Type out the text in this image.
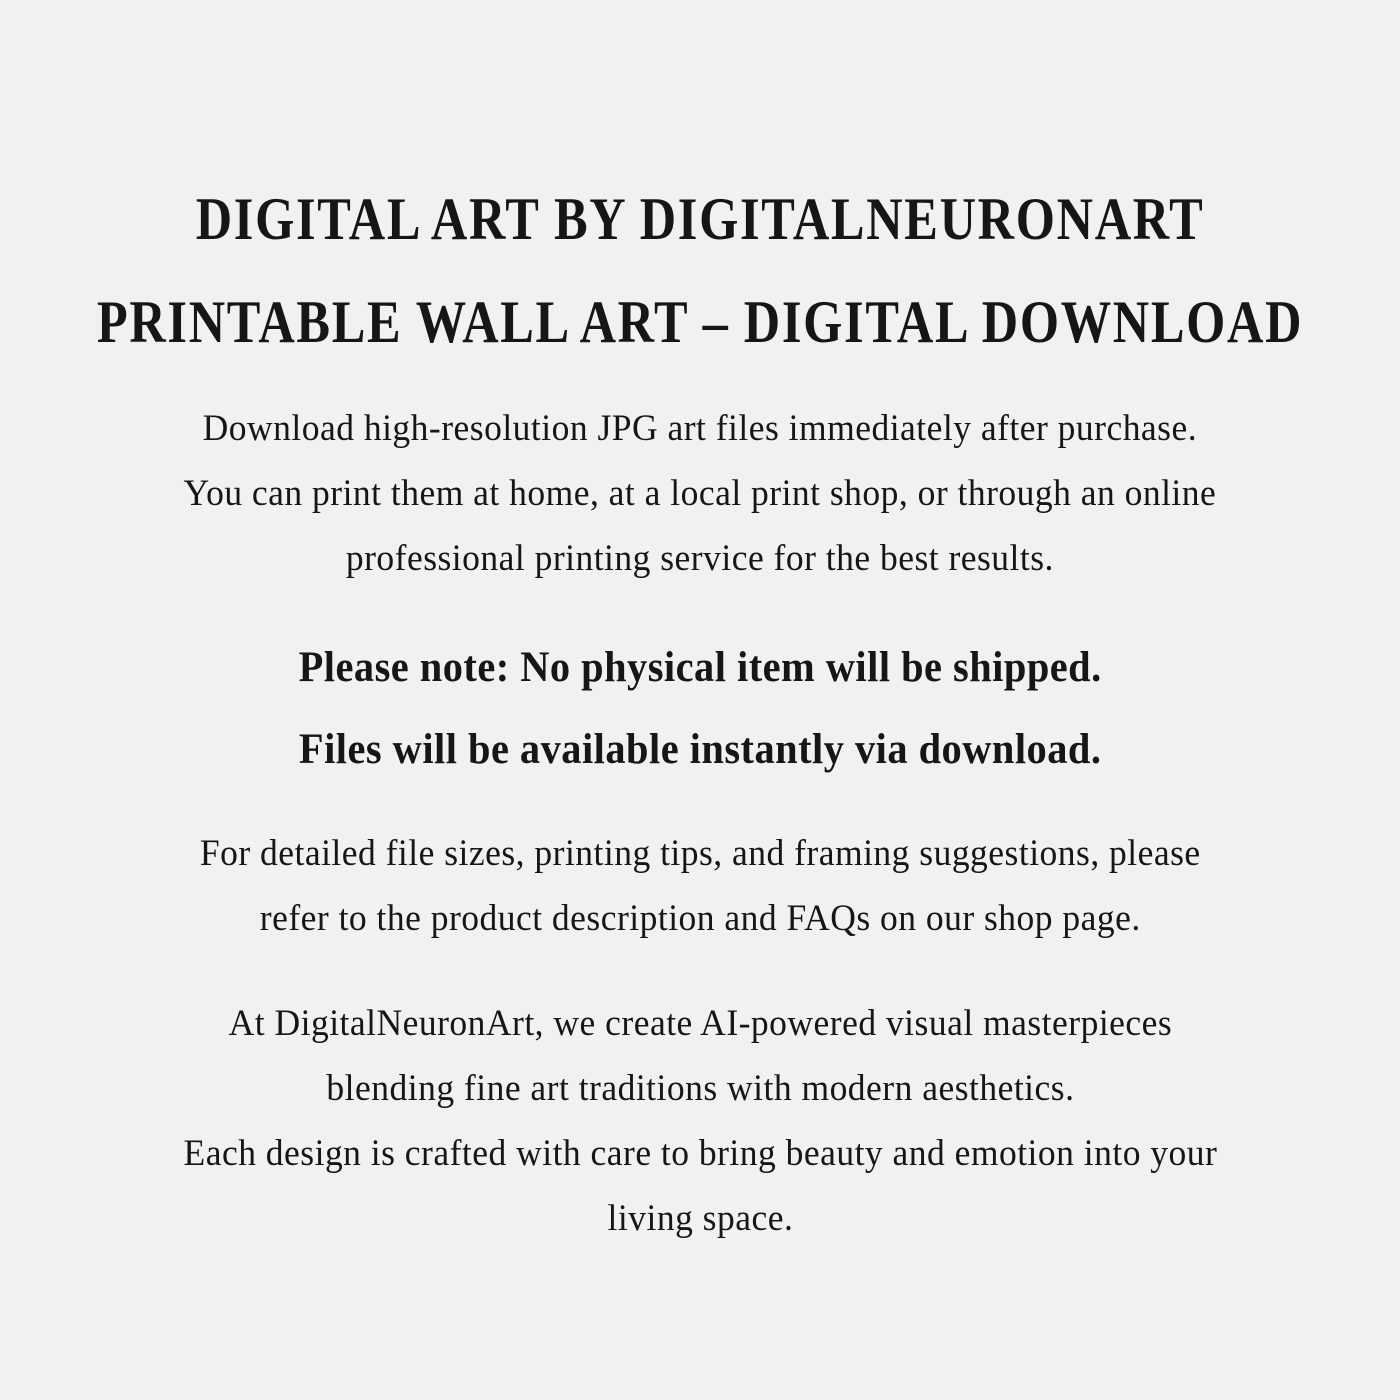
DIGITAL ART BY DIGITALNEURONART
PRINTABLE WALL ART – DIGITAL DOWNLOAD
Download high-resolution JPG art files immediately after purchase.
You can print them at home, at a local print shop, or through an online
professional printing service for the best results.
Please note: No physical item will be shipped.
Files will be available instantly via download.
For detailed file sizes, printing tips, and framing suggestions, please
refer to the product description and FAQs on our shop page.
At DigitalNeuronArt, we create AI-powered visual masterpieces
blending fine art traditions with modern aesthetics.
Each design is crafted with care to bring beauty and emotion into your
living space.
